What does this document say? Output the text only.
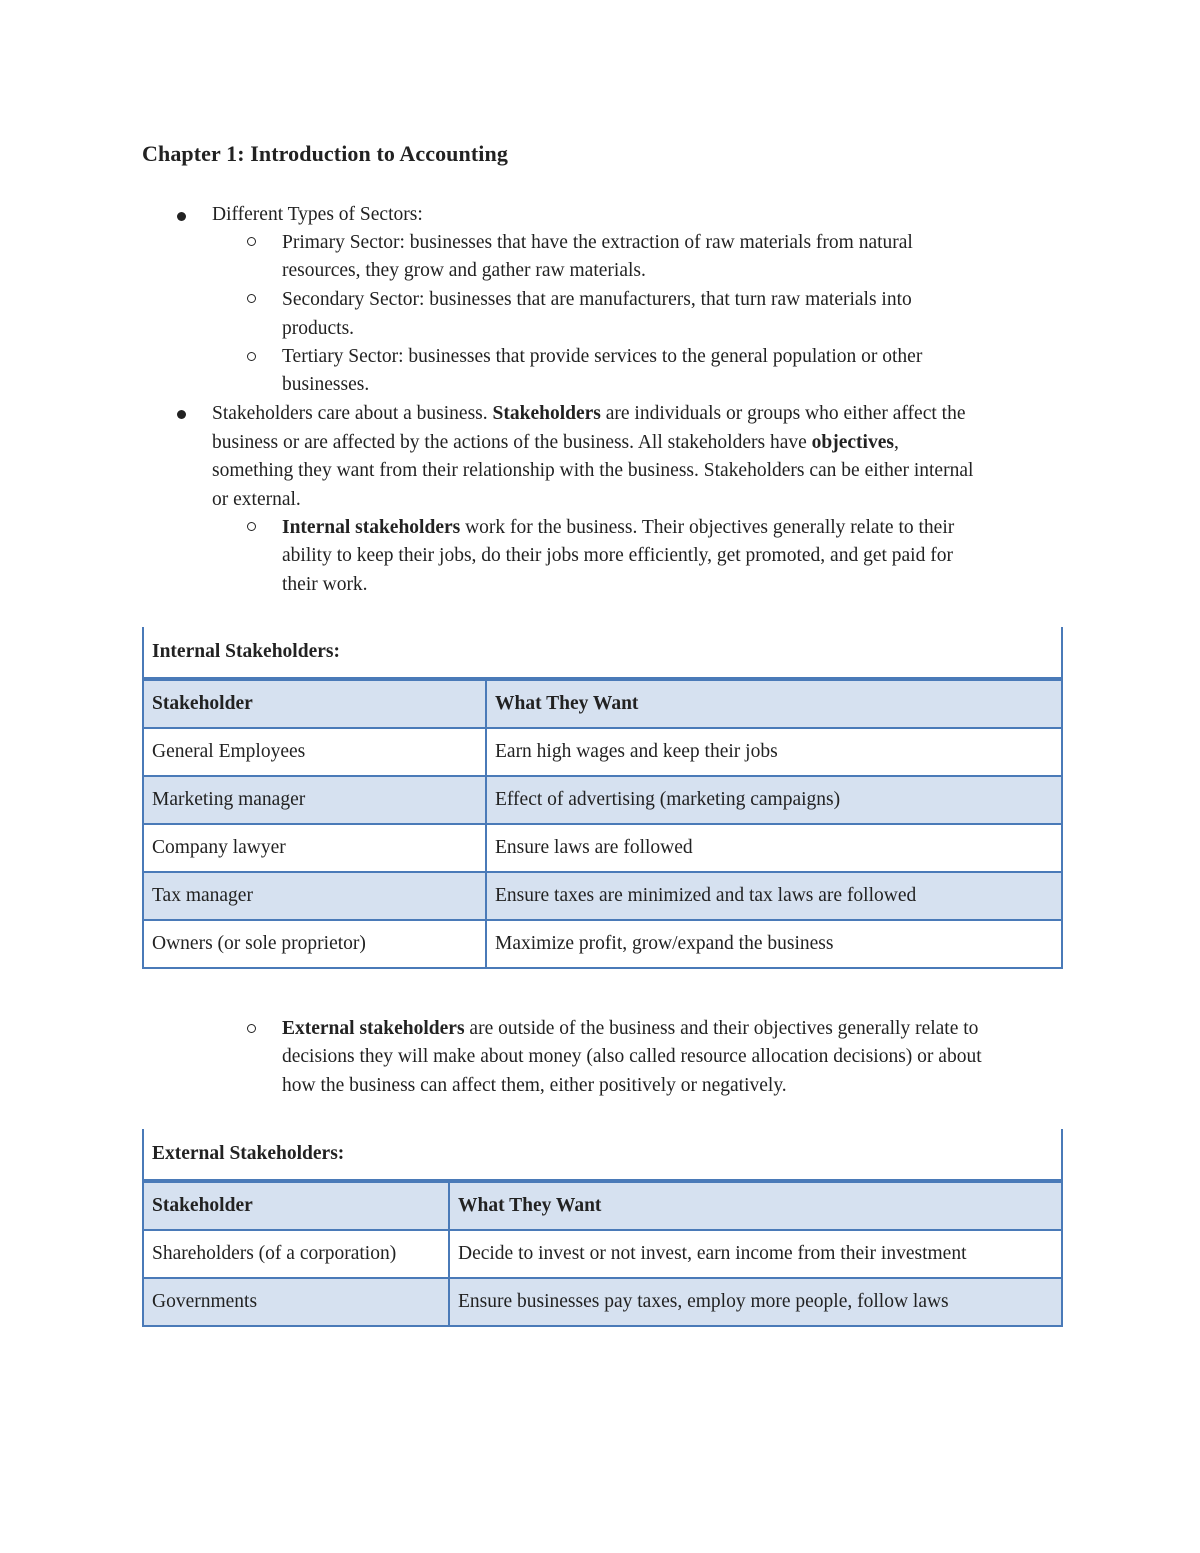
Chapter 1: Introduction to Accounting
Different Types of Sectors:
Primary Sector: businesses that have the extraction of raw materials from natural
resources, they grow and gather raw materials.
Secondary Sector: businesses that are manufacturers, that turn raw materials into
products.
Tertiary Sector: businesses that provide services to the general population or other
businesses.
Stakeholders care about a business. Stakeholders are individuals or groups who either affect the
business or are affected by the actions of the business. All stakeholders have objectives,
something they want from their relationship with the business. Stakeholders can be either internal
or external.
Internal stakeholders work for the business. Their objectives generally relate to their
ability to keep their jobs, do their jobs more efficiently, get promoted, and get paid for
their work.
Internal Stakeholders:	
Stakeholder	What They Want
General Employees	Earn high wages and keep their jobs
Marketing manager	Effect of advertising (marketing campaigns)
Company lawyer	Ensure laws are followed
Tax manager	Ensure taxes are minimized and tax laws are followed
Owners (or sole proprietor)	Maximize profit, grow/expand the business
External stakeholders are outside of the business and their objectives generally relate to
decisions they will make about money (also called resource allocation decisions) or about
how the business can affect them, either positively or negatively.
External Stakeholders:	
Stakeholder	What They Want
Shareholders (of a corporation)	Decide to invest or not invest, earn income from their investment
Governments	Ensure businesses pay taxes, employ more people, follow laws
